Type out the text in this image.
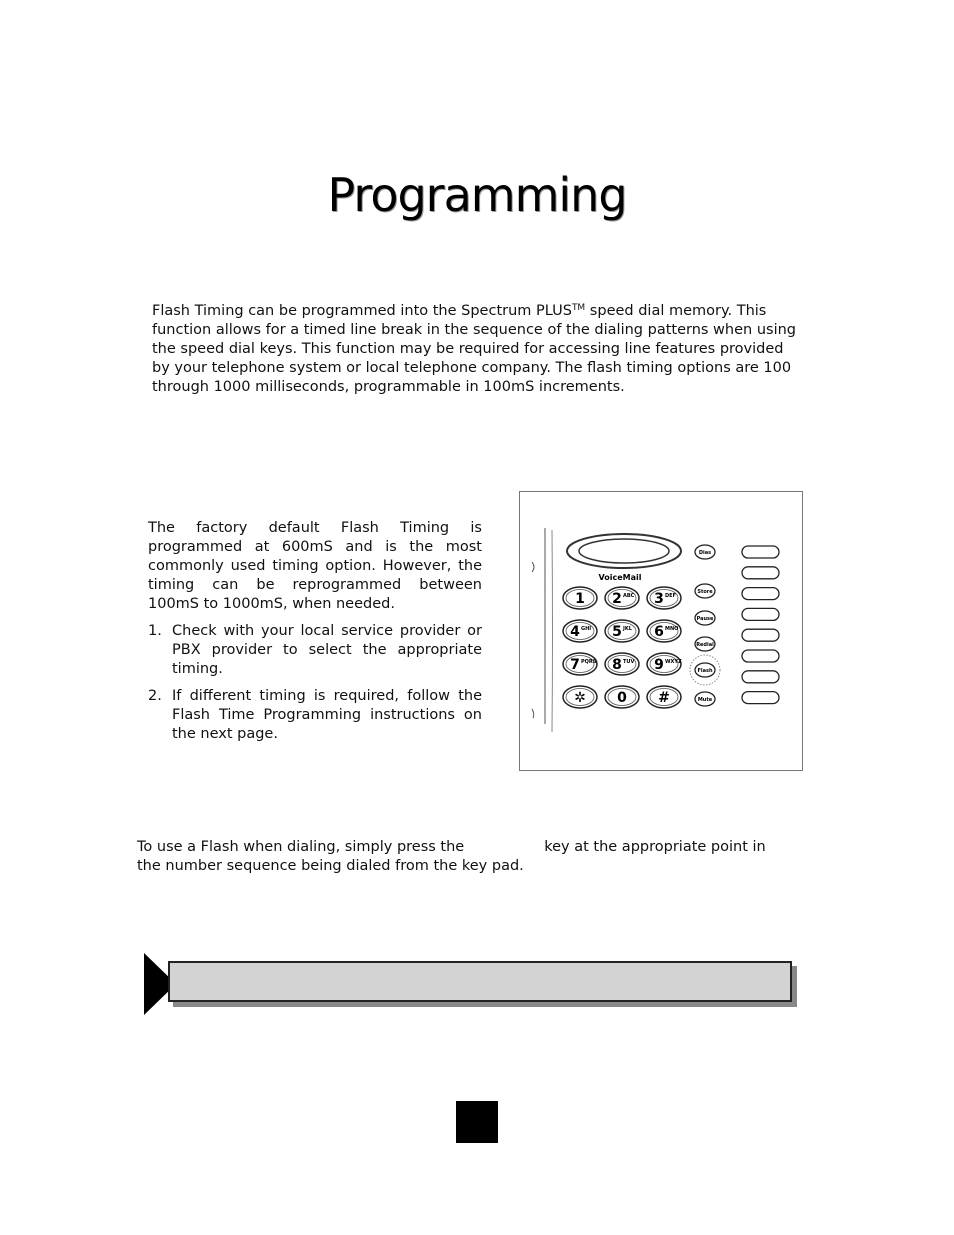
Programming
Flash Timing can be programmed into the Spectrum PLUS™ speed dial memory. This function allows for a timed line break in the sequence of the dialing patterns when using the speed dial keys. This function may be required for accessing line features provided by your telephone system or local telephone company. The flash timing options are 100 through 1000 milliseconds, programmable in 100mS increments.

The factory default Flash Timing is programmed at 600mS and is the most commonly used timing option. However, the timing can be reprogrammed between 100mS to 1000mS, when needed.

1. Check with your local service provider or PBX provider to select the appropriate timing.
2. If different timing is required, follow the Flash Time Programming instructions on the next page.
VoiceMail
1 2 ABC 3 DEF
4 GHI 5 JKL 6 MNO
7 PQRS 8 TUV 9 WXYZ
✲ 0 #
Dias
Store
Pause
Redial
Flash
Mute
To use a Flash when dialing, simply press the	key at the appropriate point in
the number sequence being dialed from the key pad.
